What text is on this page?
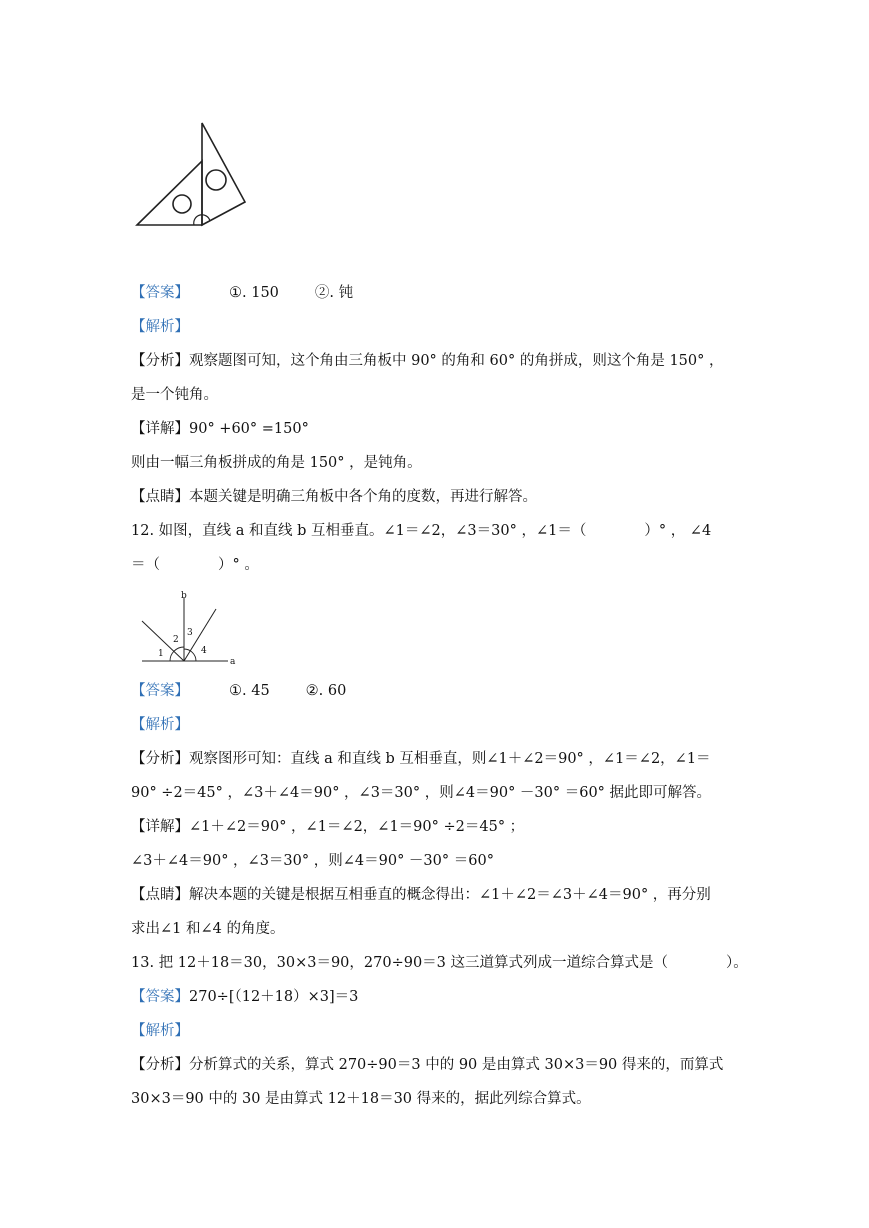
【答案】	①. 150 ②. 钝
【解析】
【分析】观察题图可知，这个角由三角板中 90° 的角和 60° 的角拼成，则这个角是 150° ，
是一个钝角。
【详解】90° +60° =150°
则由一幅三角板拼成的角是 150° ，是钝角。
【点睛】本题关键是明确三角板中各个角的度数，再进行解答。
12. 如图，直线 a 和直线 b 互相垂直。∠1＝∠2，∠3＝30° ，∠1＝（　　　　）° ， ∠4
＝（　　　　）° 。
b
a
1
2
3
4
【答案】	①. 45 ②. 60
【解析】
【分析】观察图形可知：直线 a 和直线 b 互相垂直，则∠1＋∠2＝90° ，∠1＝∠2，∠1＝
90° ÷2＝45° ，∠3＋∠4＝90° ，∠3＝30° ，则∠4＝90° －30° ＝60° 据此即可解答。
【详解】∠1＋∠2＝90° ，∠1＝∠2，∠1＝90° ÷2＝45° ；
∠3＋∠4＝90° ，∠3＝30° ，则∠4＝90° －30° ＝60°
【点睛】解决本题的关键是根据互相垂直的概念得出：∠1＋∠2＝∠3＋∠4＝90° ，再分别
求出∠1 和∠4 的角度。
13. 把 12＋18＝30，30×3＝90，270÷90＝3 这三道算式列成一道综合算式是（　　　　）。
【答案】270÷[（12＋18）×3]＝3
【解析】
【分析】分析算式的关系，算式 270÷90＝3 中的 90 是由算式 30×3＝90 得来的，而算式
30×3＝90 中的 30 是由算式 12＋18＝30 得来的，据此列综合算式。
